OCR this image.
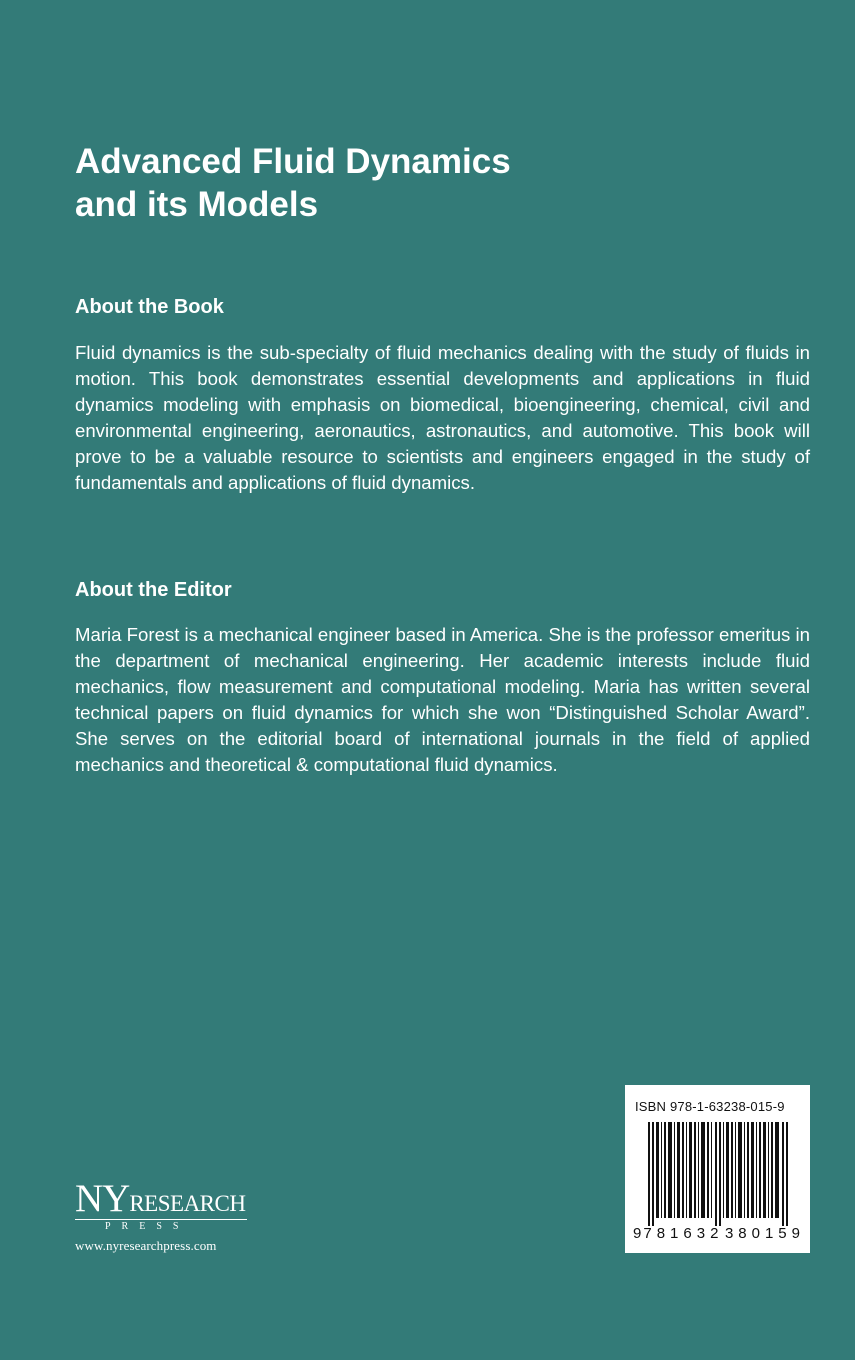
Advanced Fluid Dynamics
and its Models
About the Book

Fluid dynamics is the sub-specialty of fluid mechanics dealing with the study of fluids in motion. This book demonstrates essential developments and applications in fluid dynamics modeling with emphasis on biomedical, bioengineering, chemical, civil and environmental engineering, aeronautics, astronautics, and automotive. This book will prove to be a valuable resource to scientists and engineers engaged in the study of fundamentals and applications of fluid dynamics.

About the Editor

Maria Forest is a mechanical engineer based in America. She is the professor emeritus in the department of mechanical engineering. Her academic interests include fluid mechanics, flow measurement and computational modeling. Maria has written several technical papers on fluid dynamics for which she won “Distinguished Scholar Award”. She serves on the editorial board of international journals in the field of applied mechanics and theoretical & computational fluid dynamics.

NYRESEARCH
PRESS
www.nyresearchpress.com
ISBN 978-1-63238-015-9
9 781632 380159
